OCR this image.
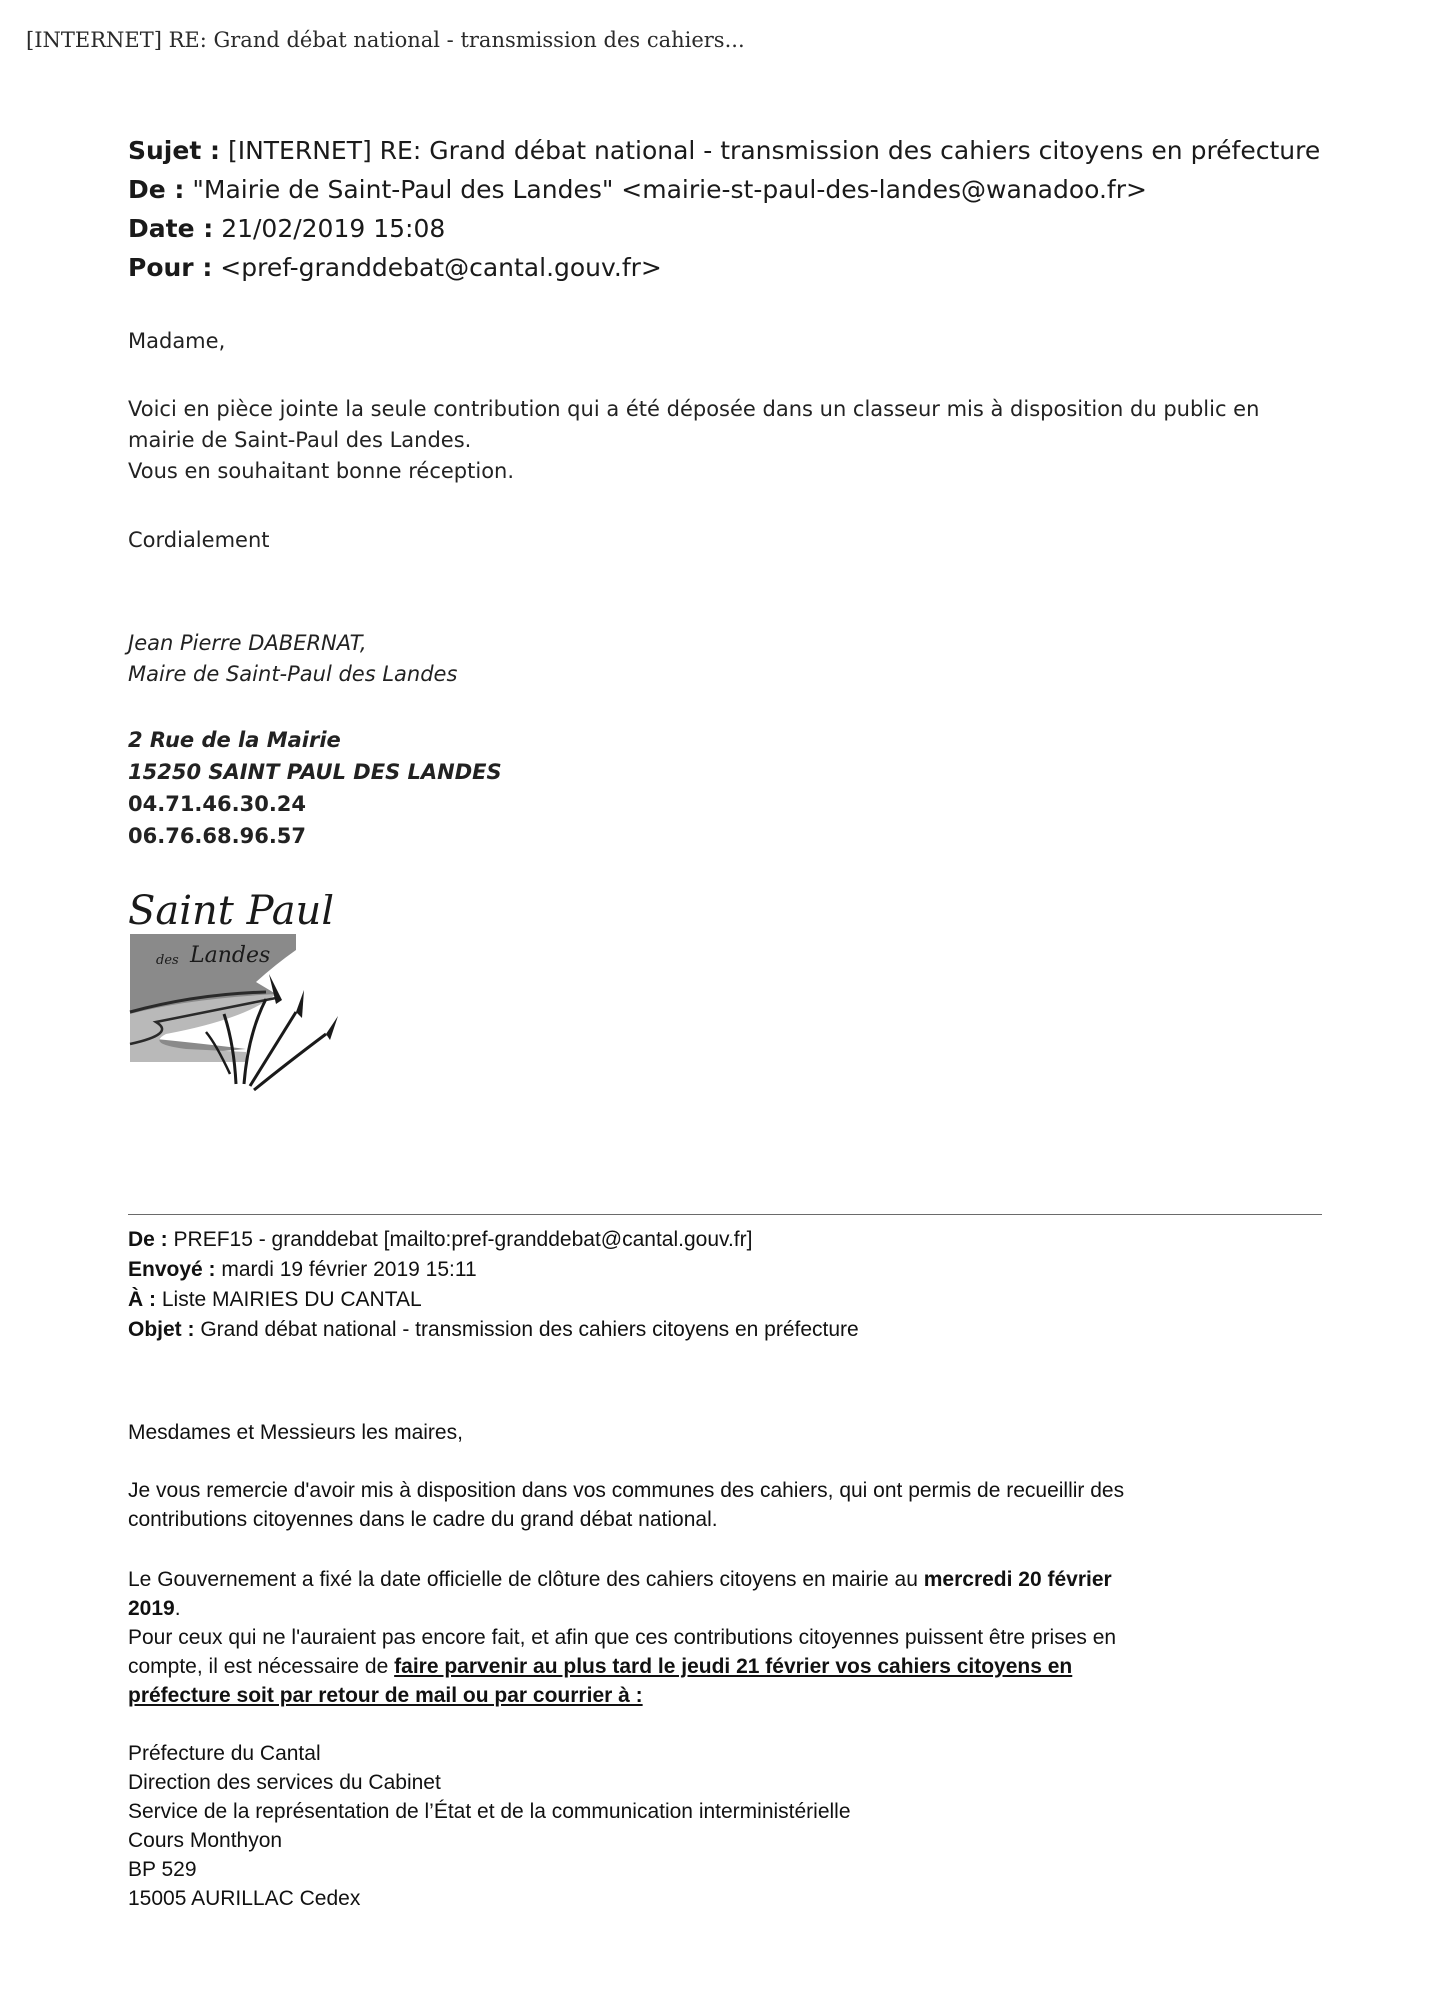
[INTERNET] RE: Grand débat national - transmission des cahiers...
Sujet : [INTERNET] RE: Grand débat national - transmission des cahiers citoyens en préfecture
De : "Mairie de Saint-Paul des Landes" <mairie-st-paul-des-landes@wanadoo.fr>
Date : 21/02/2019 15:08
Pour : <pref-granddebat@cantal.gouv.fr>
Madame,
Voici en pièce jointe la seule contribution qui a été déposée dans un classeur mis à disposition du public en
mairie de Saint-Paul des Landes.
Vous en souhaitant bonne réception.
Cordialement
Jean Pierre DABERNAT,
Maire de Saint-Paul des Landes
2 Rue de la Mairie
15250 SAINT PAUL DES LANDES
04.71.46.30.24
06.76.68.96.57
Saint Paul
des Landes
De : PREF15 - granddebat [mailto:pref-granddebat@cantal.gouv.fr]
Envoyé : mardi 19 février 2019 15:11
À : Liste MAIRIES DU CANTAL
Objet : Grand débat national - transmission des cahiers citoyens en préfecture
Mesdames et Messieurs les maires,
Je vous remercie d'avoir mis à disposition dans vos communes des cahiers, qui ont permis de recueillir des
contributions citoyennes dans le cadre du grand débat national.
Le Gouvernement a fixé la date officielle de clôture des cahiers citoyens en mairie au mercredi 20 février
2019.
Pour ceux qui ne l'auraient pas encore fait, et afin que ces contributions citoyennes puissent être prises en
compte, il est nécessaire de faire parvenir au plus tard le jeudi 21 février vos cahiers citoyens en
préfecture soit par retour de mail ou par courrier à :
Préfecture du Cantal
Direction des services du Cabinet
Service de la représentation de l’État et de la communication interministérielle
Cours Monthyon
BP 529
15005 AURILLAC Cedex
